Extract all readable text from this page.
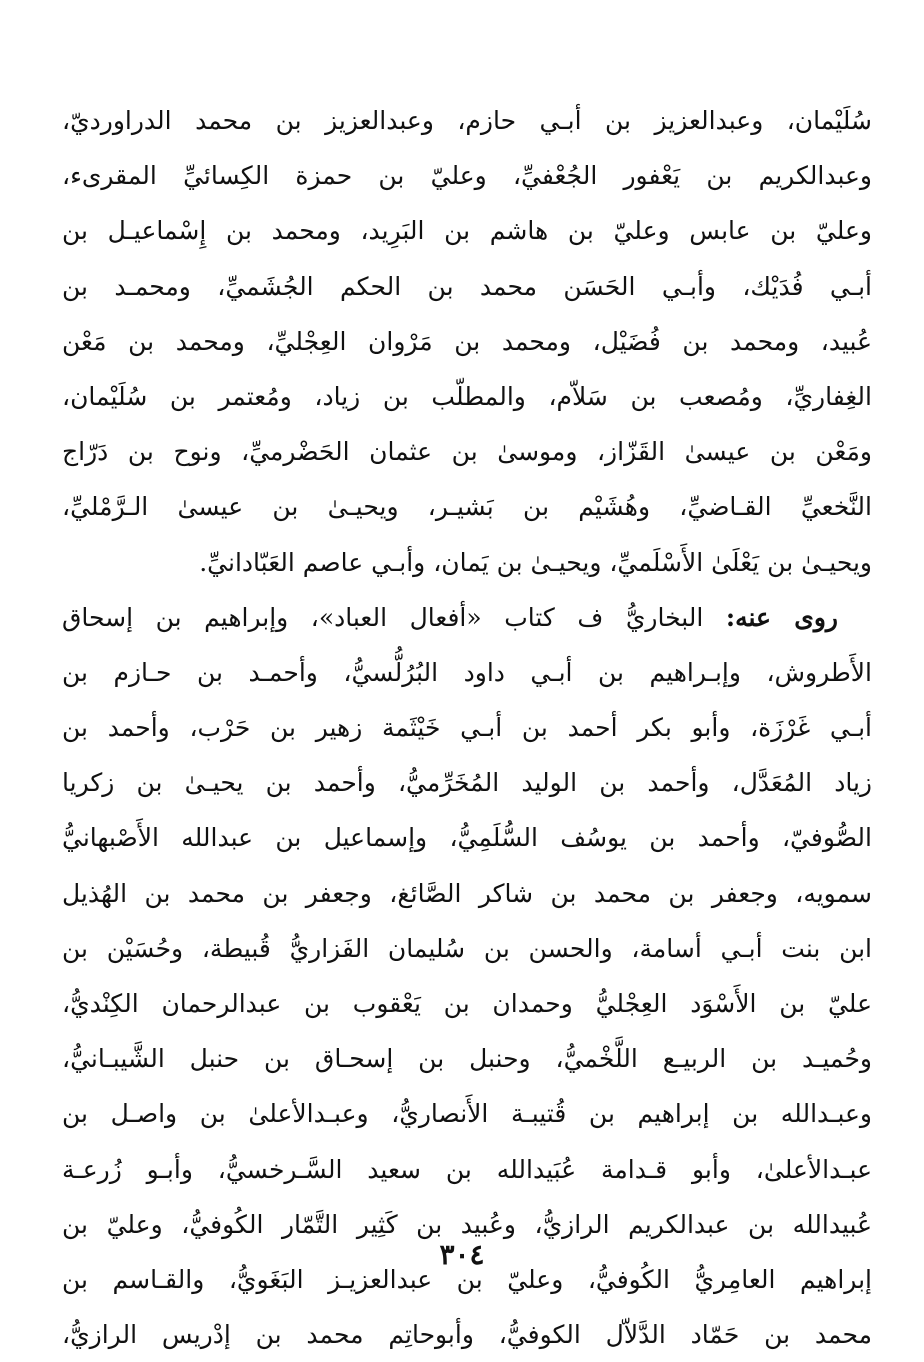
سُلَيْمان، وعبدالعزيز بن أبـي حازم، وعبدالعزيز بن محمد الدراورديّ،
وعبدالكريم بن يَعْفور الجُعْفيِّ، وعليّ بن حمزة الكِسائيِّ المقرىء،
وعليّ بن عابس وعليّ بن هاشم بن البَرِيد، ومحمد بن إِسْماعيـل بن
أبـي فُدَيْك، وأبـي الحَسَن محمد بن الحكم الجُشَميِّ، ومحمـد بن
عُبيد، ومحمد بن فُضَيْل، ومحمد بن مَرْوان العِجْليِّ، ومحمد بن مَعْن
الغِفاريِّ، ومُصعب بن سَلاّم، والمطلّب بن زياد، ومُعتمر بن سُلَيْمان،
ومَعْن بن عيسىٰ القَزّاز، وموسىٰ بن عثمان الحَضْرميِّ، ونوح بن دَرّاج
النَّخعيِّ القـاضيِّ، وهُشَيْم بن بَشيـر، ويحيـىٰ بن عيسىٰ الـرَّمْليِّ،
ويحيـىٰ بن يَعْلَىٰ الأَسْلَميِّ، ويحيـىٰ بن يَمان، وأبـي عاصم العَبّادانيِّ.
روى عنه: البخاريُّ ف كتاب «أفعال العباد»، وإبراهيم بن إسحاق
الأَطروش، وإبـراهيم بن أبـي داود البُرُلُّسيُّ، وأحمـد بن حـازم بن
أبـي غَرْزَة، وأبو بكر أحمد بن أبـي خَيْثَمة زهير بن حَرْب، وأحمد بن
زياد المُعَدَّل، وأحمد بن الوليد المُخَرِّميُّ، وأحمد بن يحيـىٰ بن زكريا
الصُّوفيّ، وأحمد بن يوسُف السُّلَمِيُّ، وإسماعيل بن عبدالله الأَصْبهانيُّ
سمويه، وجعفر بن محمد بن شاكر الصَّائغ، وجعفر بن محمد بن الهُذيل
ابن بنت أبـي أسامة، والحسن بن سُليمان الفَزاريُّ قُبيطة، وحُسَيْن بن
عليّ بن الأَسْوَد العِجْليُّ وحمدان بن يَعْقوب بن عبدالرحمان الكِنْديُّ،
وحُميـد بن الربيـع اللَّخْميُّ، وحنبل بن إسحـاق بن حنبل الشَّيبـانيُّ،
وعبـدالله بن إبراهيم بن قُتيبـة الأَنصاريُّ، وعبـدالأعلىٰ بن واصـل بن
عبـدالأعلىٰ، وأبو قـدامة عُبَيدالله بن سعيد السَّـرخسيُّ، وأبـو زُرعـة
عُبيدالله بن عبدالكريم الرازيُّ، وعُبيد بن كَثِير التَّمّار الكُوفيُّ، وعليّ بن
إبراهيم العامِريُّ الكُوفيُّ، وعليّ بن عبدالعزيـز البَغَويُّ، والقـاسم بن
محمد بن حَمّاد الدَّلاّل الكوفيُّ، وأبوحاتِم محمد بن إدْريس الرازيُّ،
٣٠٤
